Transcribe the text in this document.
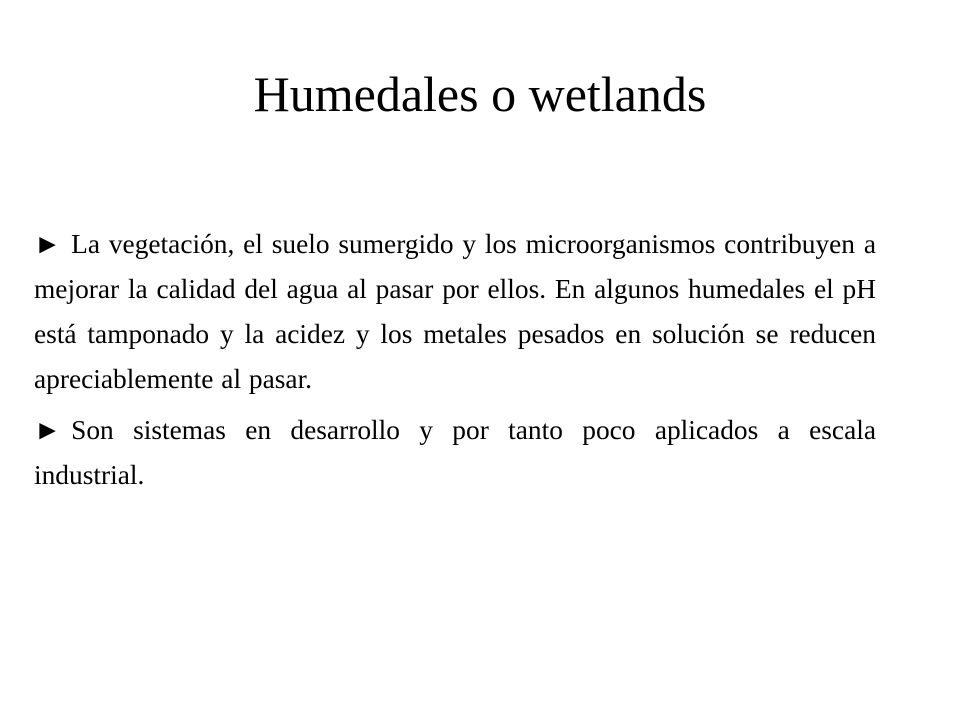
Humedales o wetlands

► La vegetación, el suelo sumergido y los microorganismos contribuyen a mejorar la calidad del agua al pasar por ellos. En algunos humedales el pH está tamponado y la acidez y los metales pesados en solución se reducen apreciablemente al pasar.

► Son sistemas en desarrollo y por tanto poco aplicados a escala industrial.
